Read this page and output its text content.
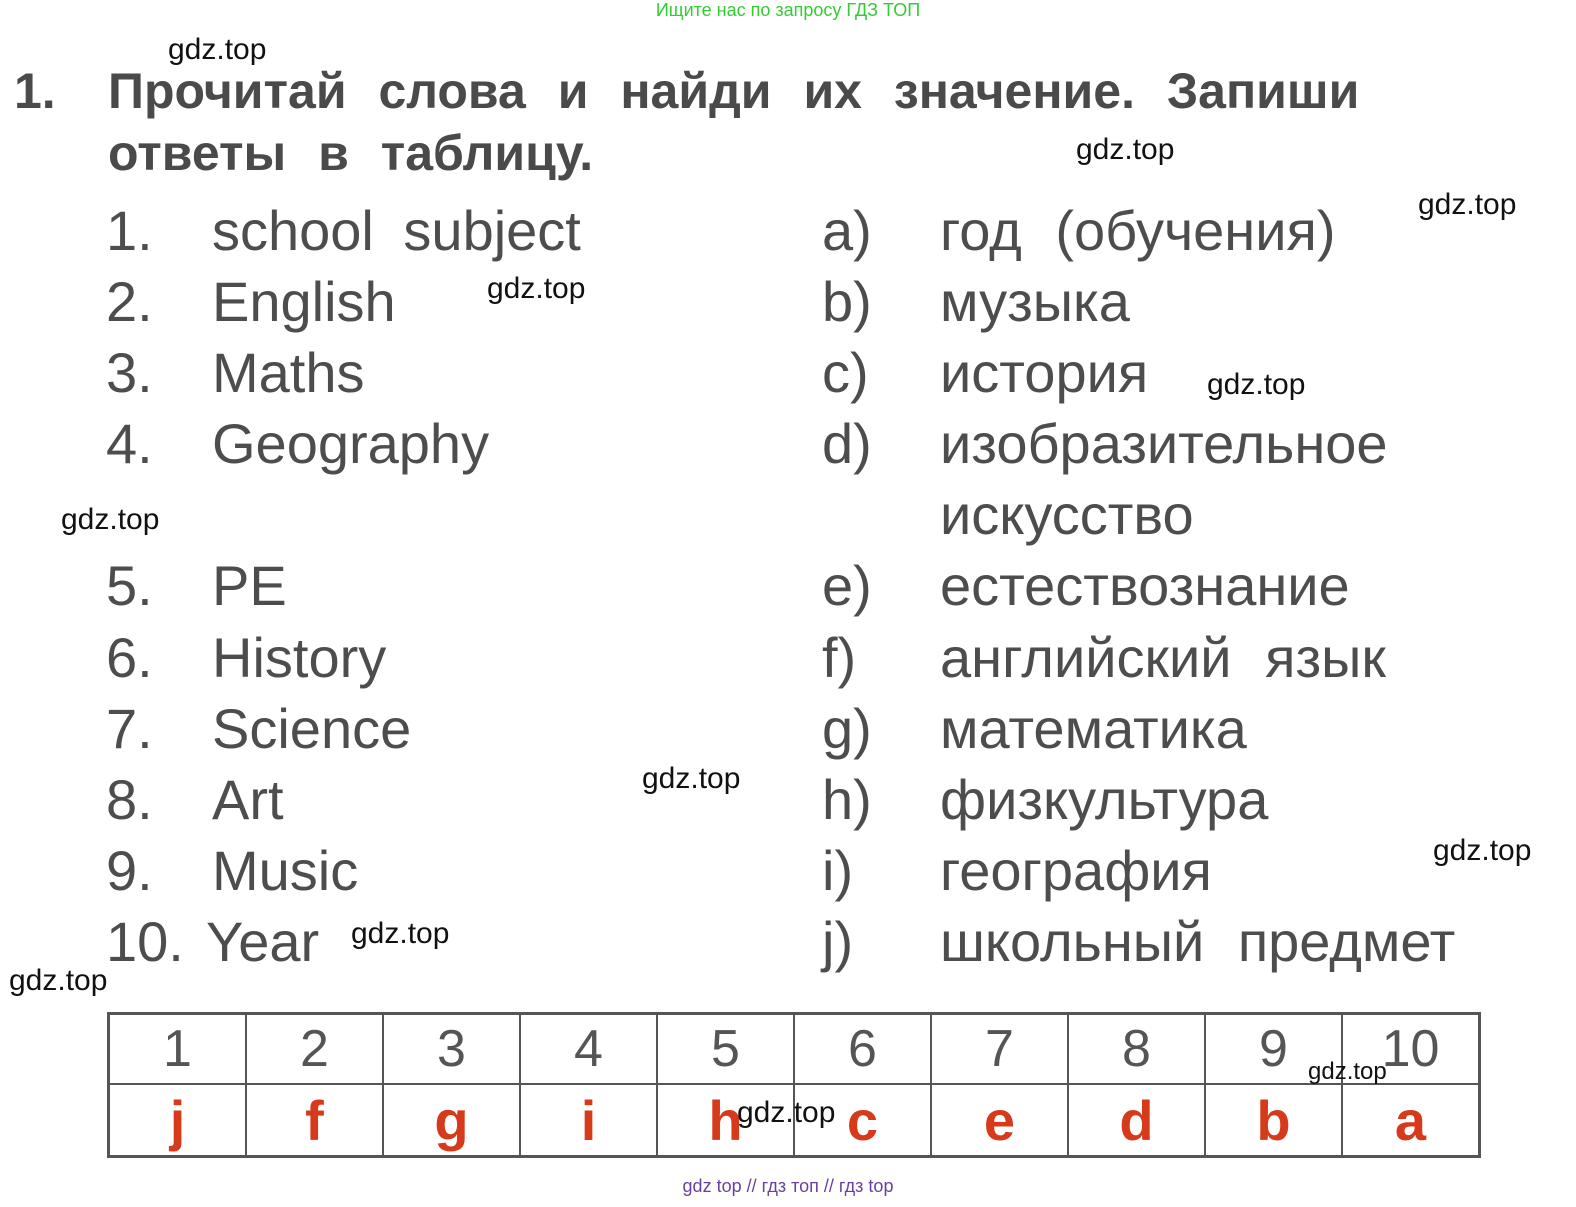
Ищите нас по запросу ГДЗ ТОП
1. Прочитай слова и найди их значение. Запиши
ответы в таблицу.
1. school subject
2. English
3. Maths
4. Geography
5. PE
6. History
7. Science
8. Art
9. Music
10. Year
a) год (обучения)
b) музыка
c) история
d) изобразительное
искусство
e) естествознание
f) английский язык
g) математика
h) физкультура
i) география
j) школьный предмет
1	2	3	4	5	6	7	8	9	10
j	f	g	i	h	c	e	d	b	a
gdz.top
gdz.top
gdz.top
gdz.top
gdz.top
gdz.top
gdz.top
gdz.top
gdz.top
gdz.top
gdz.top
gdz.top
gdz top // гдз топ // гдз top
